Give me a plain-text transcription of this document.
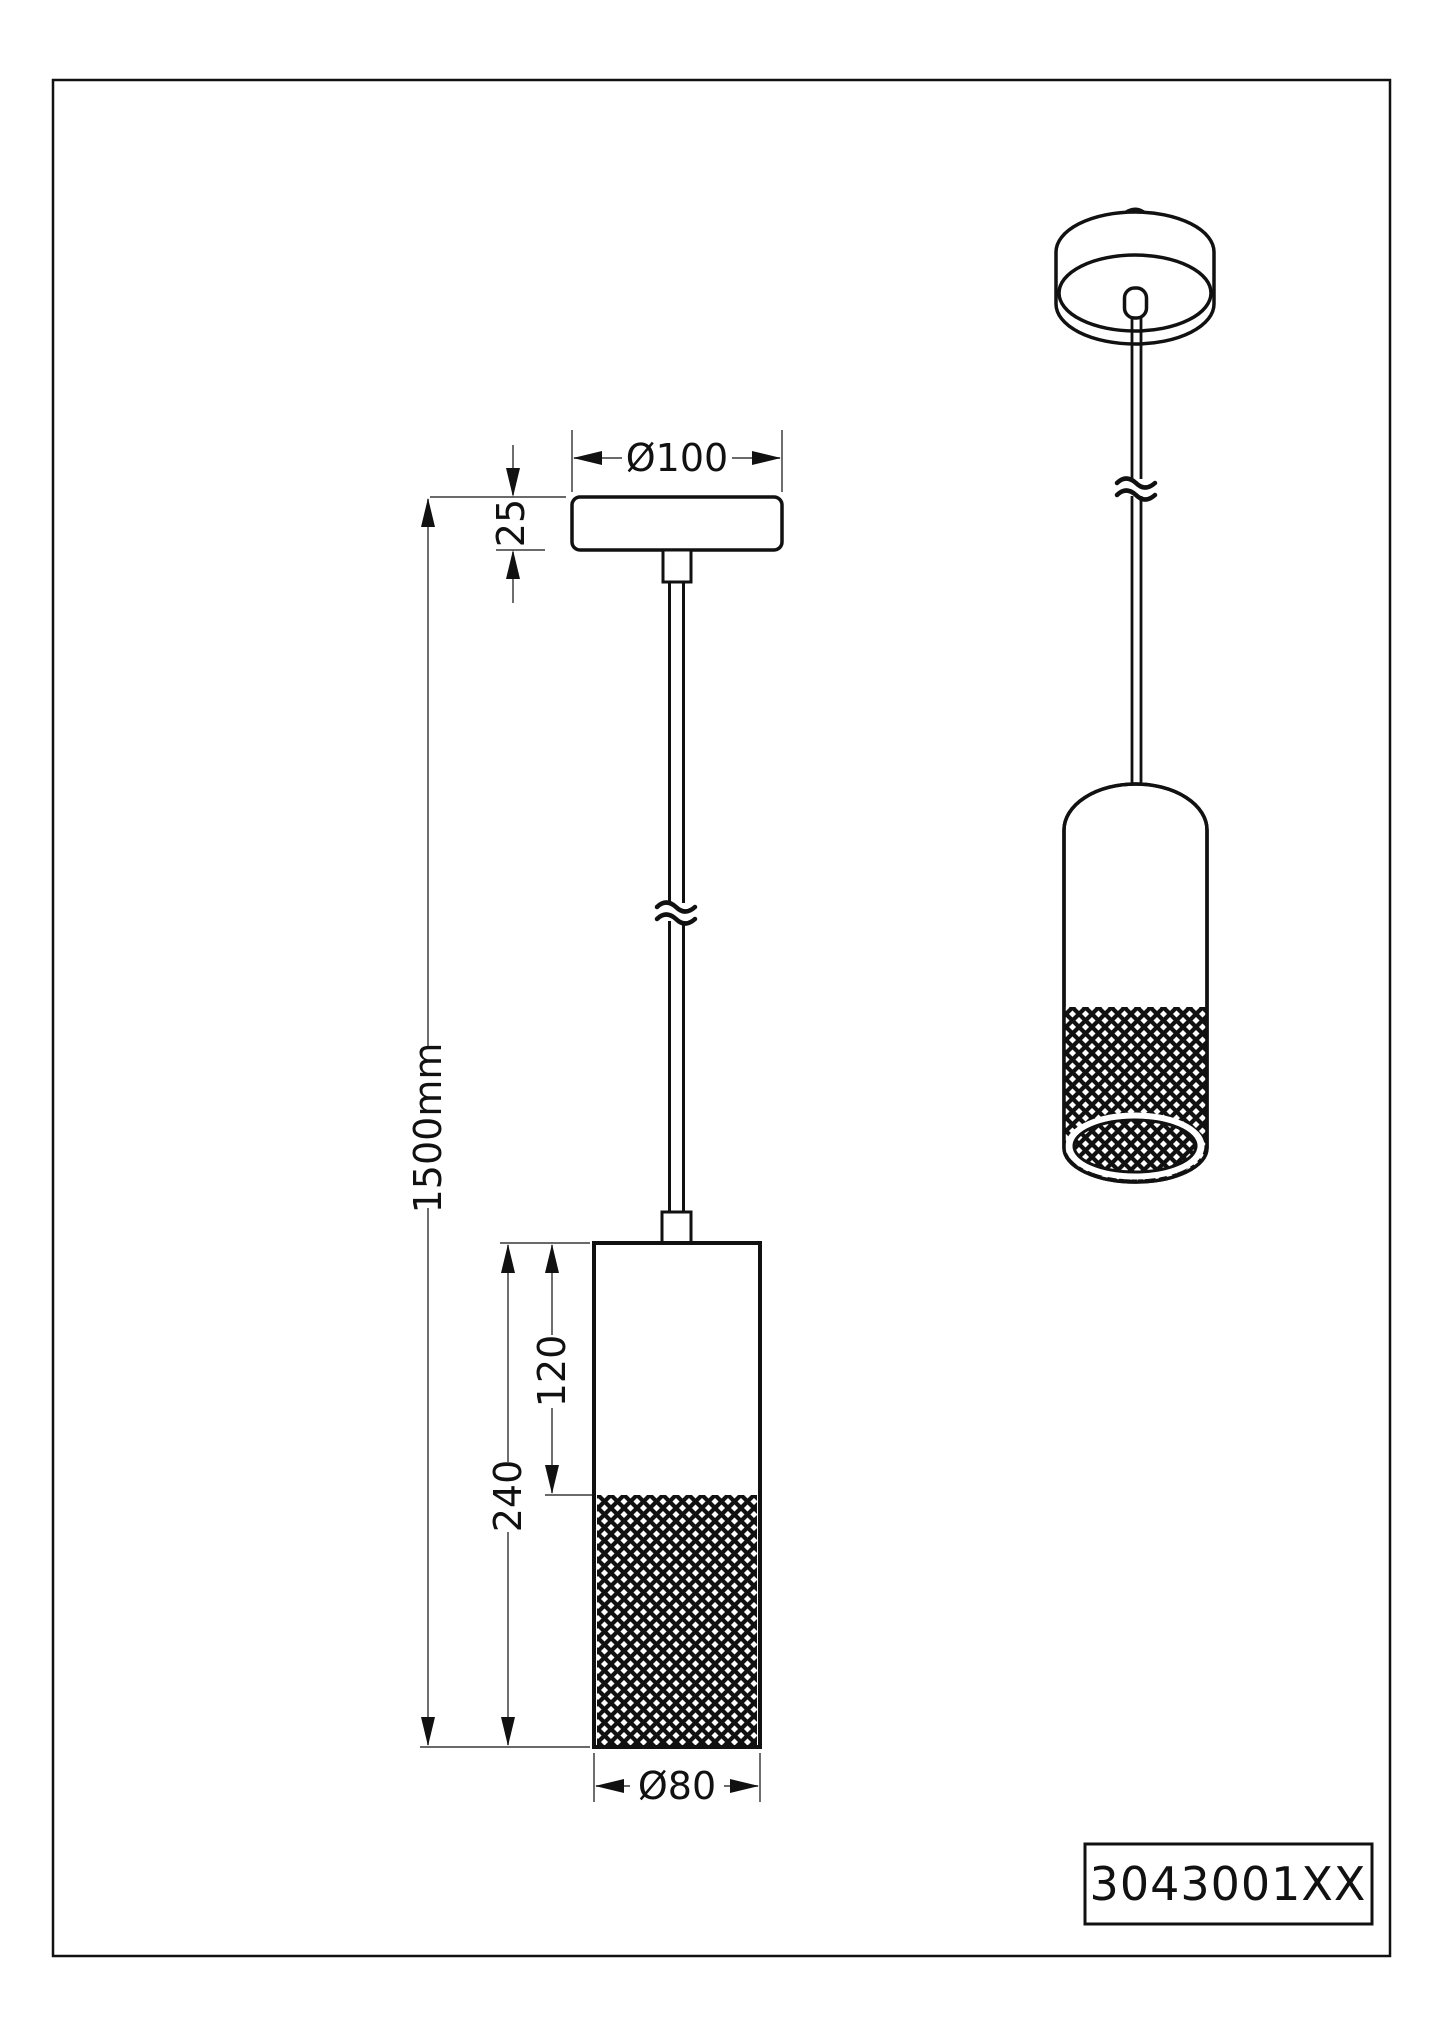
Ø100
25
1500mm
240
120
Ø80
3043001XX
